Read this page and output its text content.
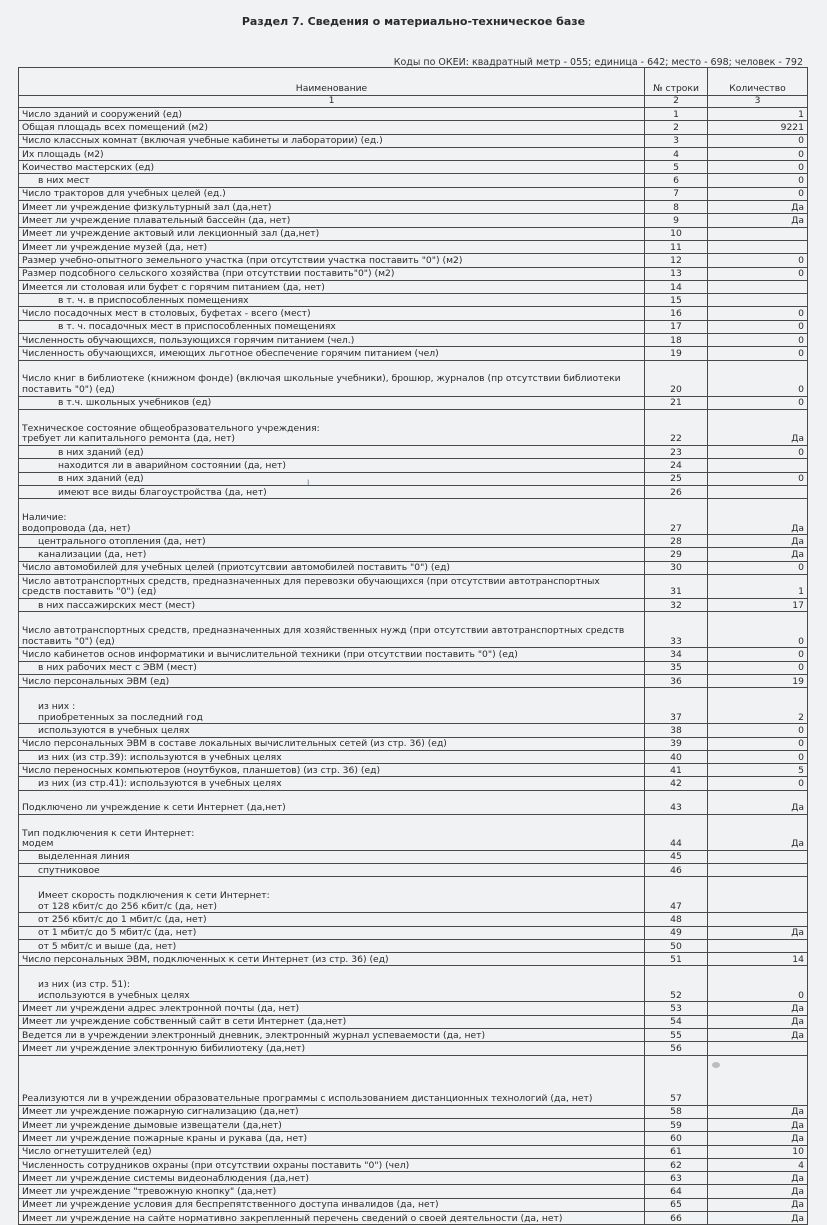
Раздел 7. Сведения о материально-техническое базе
Коды по ОКЕИ: квадратный метр - 055; единица - 642; место - 698; человек - 792
Наименование	№ строки	Количество
1	2	3
Число зданий и сооружений (ед)	1	1
Общая площадь всех помещений (м2)	2	9221
Число классных комнат (включая учебные кабинеты и лаборатории) (ед.)	3	0
Их площадь (м2)	4	0
Коичество мастерских (ед)	5	0
в них мест	6	0
Число тракторов для учебных целей (ед.)	7	0
Имеет ли учреждение физкультурный зал (да,нет)	8	Да
Имеет ли учреждение плавательный бассейн (да, нет)	9	Да
Имеет ли учреждение актовый или лекционный зал (да,нет)	10	
Имеет ли учреждение музей (да, нет)	11	
Размер учебно-опытного земельного участка (при отсутствии участка поставить "0") (м2)	12	0
Размер подсобного сельского хозяйства (при отсутствии поставить"0") (м2)	13	0
Имеется ли столовая или буфет с горячим питанием (да, нет)	14	
в т. ч. в приспособленных помещениях	15	
Число посадочных мест в столовых, буфетах - всего (мест)	16	0
в т. ч. посадочных мест в приспособленных помещениях	17	0
Численность обучающихся, пользующихся горячим питанием (чел.)	18	0
Численность обучающихся, имеющих льготное обеспечение горячим питанием (чел)	19	0
Число книг в библиотеке (книжном фонде) (включая школьные учебники), брошюр, журналов (пр отсутствии библиотеки поставить "0") (ед)	20	0
в т.ч. школьных учебников (ед)	21	0
Техническое состояние общеобразовательного учреждения:
требует ли капитального ремонта (да, нет)	22	Да
в них зданий (ед)	23	0
находится ли в аварийном состоянии (да, нет)	24	
в них зданий (ед)	25	0
имеют все виды благоустройства (да, нет)	26	
Наличие:
водопровода (да, нет)	27	Да
центрального отопления (да, нет)	28	Да
канализации (да, нет)	29	Да
Число автомобилей для учебных целей (приотсутсвии автомобилей поставить "0") (ед)	30	0
Число автотранспортных средств, предназначенных для перевозки обучающихся (при отсутствии автотранспортных средств поставить "0") (ед)	31	1
в них пассажирских мест (мест)	32	17
Число автотранспортных средств, предназначенных для хозяйственных нужд (при отсутствии автотранспортных средств поставить "0") (ед)	33	0
Число кабинетов основ информатики и вычислительной техники (при отсутствии поставить "0") (ед)	34	0
в них рабочих мест с ЭВМ (мест)	35	0
Число персональных ЭВМ (ед)	36	19
из них :
приобретенных за последний год	37	2
используются в учебных целях	38	0
Число персональных ЭВМ в составе локальных вычислительных сетей (из стр. 36) (ед)	39	0
из них (из стр.39): используются в учебных целях	40	0
Число переносных компьютеров (ноутбуков, планшетов) (из стр. 36) (ед)	41	5
из них (из стр.41): используются в учебных целях	42	0
Подключено ли учреждение к сети Интернет (да,нет)	43	Да
Тип подключения к сети Интернет:
модем	44	Да
выделенная линия	45	
спутниковое	46	
Имеет скорость подключения к сети Интернет:
от 128 кбит/с до 256 кбит/с (да, нет)	47	
от 256 кбит/с до 1 мбит/с (да, нет)	48	
от 1 мбит/с до 5 мбит/с (да, нет)	49	Да
от 5 мбит/с и выше (да, нет)	50	
Число персональных ЭВМ, подключенных к сети Интернет (из стр. 36) (ед)	51	14
из них (из стр. 51):
используются в учебных целях	52	0
Имеет ли учреждени адрес электронной почты (да, нет)	53	Да
Имеет ли учреждение собственный сайт в сети Интернет (да,нет)	54	Да
Ведется ли в учреждении электронный дневник, электронный журнал успеваемости (да, нет)	55	Да
Имеет ли учреждение электронную бибилиотеку (да,нет)	56	
Реализуются ли в учреждении образовательные программы с использованием дистанционных технологий (да, нет)	57	
Имеет ли учреждение пожарную сигнализацию (да,нет)	58	Да
Имеет ли учреждение дымовые извещатели (да,нет)	59	Да
Имеет ли учреждение пожарные краны и рукава (да, нет)	60	Да
Число огнетушителей (ед)	61	10
Численность сотрудников охраны (при отсутствии охраны поставить "0") (чел)	62	4
Имеет ли учреждение системы видеонаблюдения (да,нет)	63	Да
Имеет ли учреждение "тревожную кнопку" (да,нет)	64	Да
Имеет ли учреждение условия для беспрепятственного доступа инвалидов (да, нет)	65	Да
Имеет ли учреждение на сайте нормативно закрепленный перечень сведений о своей деятельности (да, нет)	66	Да
ˡ
